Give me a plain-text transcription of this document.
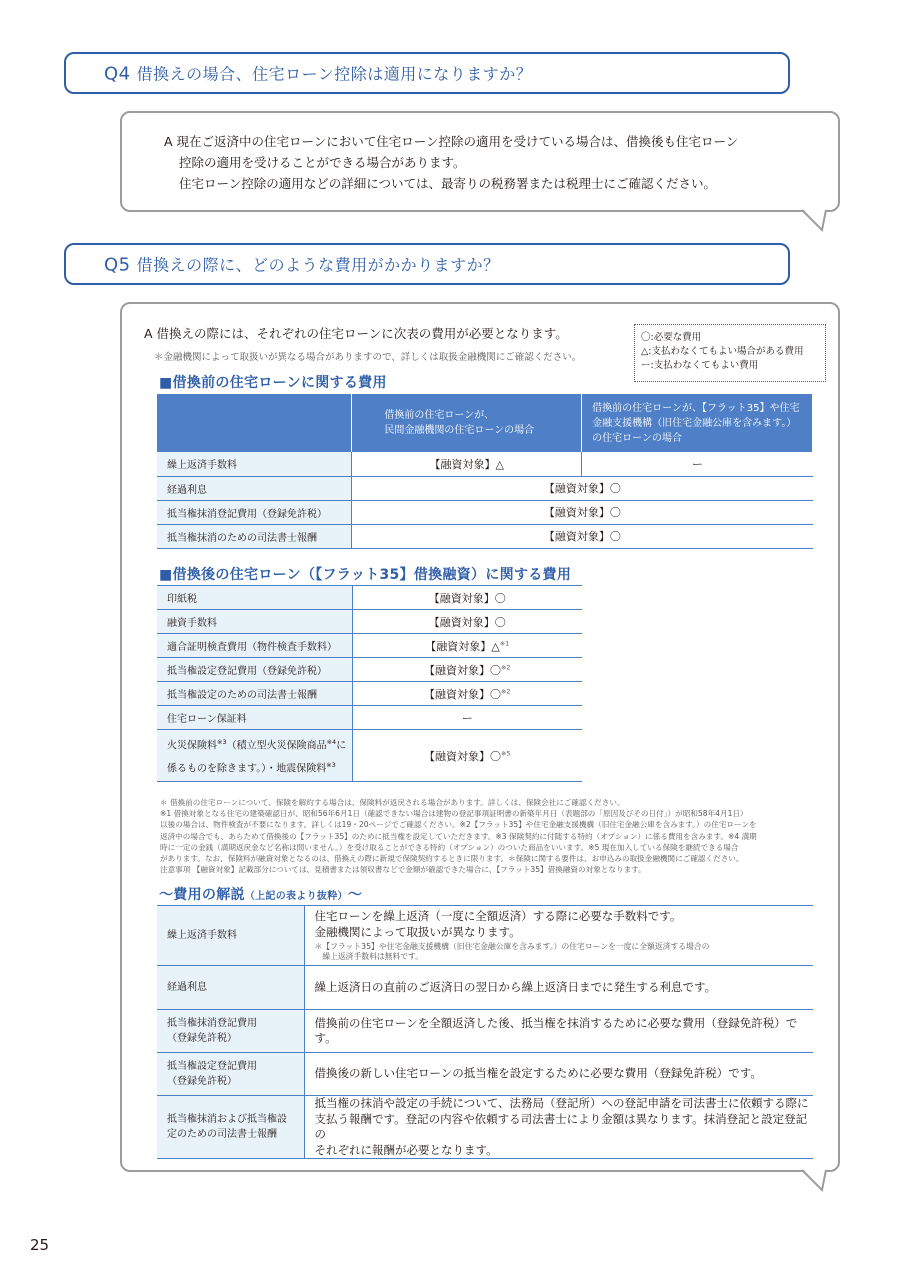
Q4 借換えの場合、住宅ローン控除は適用になりますか？

A 現在ご返済中の住宅ローンにおいて住宅ローン控除の適用を受けている場合は、借換後も住宅ローン

控除の適用を受けることができる場合があります。

住宅ローン控除の適用などの詳細については、最寄りの税務署または税理士にご確認ください。

Q5 借換えの際に、どのような費用がかかりますか？
A 借換えの際には、それぞれの住宅ローンに次表の費用が必要となります。
＊金融機関によって取扱いが異なる場合がありますので、詳しくは取扱金融機関にご確認ください。
〇:必要な費用
△:支払わなくてもよい場合がある費用
ー:支払わなくてもよい費用
■借換前の住宅ローンに関する費用
	借換前の住宅ローンが、
民間金融機関の住宅ローンの場合	借換前の住宅ローンが、【フラット35】や住宅
金融支援機構（旧住宅金融公庫を含みます。）
の住宅ローンの場合
繰上返済手数料	【融資対象】△	ー
経過利息	【融資対象】〇	
抵当権抹消登記費用（登録免許税）	【融資対象】〇	
抵当権抹消のための司法書士報酬	【融資対象】〇	
■借換後の住宅ローン（【フラット35】借換融資）に関する費用
印紙税	【融資対象】〇
融資手数料	【融資対象】〇
適合証明検査費用（物件検査手数料）	【融資対象】△$^{※1}$
抵当権設定登記費用（登録免許税）	【融資対象】〇$^{※2}$
抵当権設定のための司法書士報酬	【融資対象】〇$^{※2}$
住宅ローン保証料	ー
火災保険料$^{※3}$（積立型火災保険商品$^{※4}$に
係るものを除きます。）・地震保険料$^{※3}$	【融資対象】〇$^{※5}$

＊ 借換前の住宅ローンについて、保険を解約する場合は、保険料が返戻される場合があります。詳しくは、保険会社にご確認ください。

※1 借換対象となる住宅の建築確認日が、昭和56年6月1日（確認できない場合は建物の登記事項証明書の新築年月日（表題部の「原因及びその日付」）が昭和58年4月1日）

以後の場合は、物件検査が不要になります。詳しくは19・20ページでご確認ください。※2【フラット35】や住宅金融支援機構（旧住宅金融公庫を含みます。）の住宅ローンを

返済中の場合でも、あらためて借換後の【フラット35】のために抵当権を設定していただきます。※3 保険契約に付随する特約（オプション）に係る費用を含みます。※4 満期

時に一定の金銭（満期返戻金など名称は問いません。）を受け取ることができる特約（オプション）のついた商品をいいます。※5 現在加入している保険を継続できる場合

があります。なお、保険料が融資対象となるのは、借換えの際に新規で保険契約するときに限ります。＊保険に関する要件は、お申込みの取扱金融機関にご確認ください。

注意事項 【融資対象】記載部分については、見積書または領収書などで金額が確認できた場合に、【フラット35】借換融資の対象となります。

～費用の解説（上記の表より抜粋）～
繰上返済手数料	住宅ローンを繰上返済（一度に全額返済）する際に必要な手数料です。
金融機関によって取扱いが異なります。
＊【フラット35】や住宅金融支援機構（旧住宅金融公庫を含みます。）の住宅ローンを一度に全額返済する場合の
　繰上返済手数料は無料です。

経過利息	繰上返済日の直前のご返済日の翌日から繰上返済日までに発生する利息です。
抵当権抹消登記費用
（登録免許税）	借換前の住宅ローンを全額返済した後、抵当権を抹消するために必要な費用（登録免許税）です。
抵当権設定登記費用
（登録免許税）	借換後の新しい住宅ローンの抵当権を設定するために必要な費用（登録免許税）です。
抵当権抹消および抵当権設
定のための司法書士報酬	抵当権の抹消や設定の手続について、法務局（登記所）への登記申請を司法書士に依頼する際に
支払う報酬です。登記の内容や依頼する司法書士により金額は異なります。抹消登記と設定登記の
それぞれに報酬が必要となります。
25
